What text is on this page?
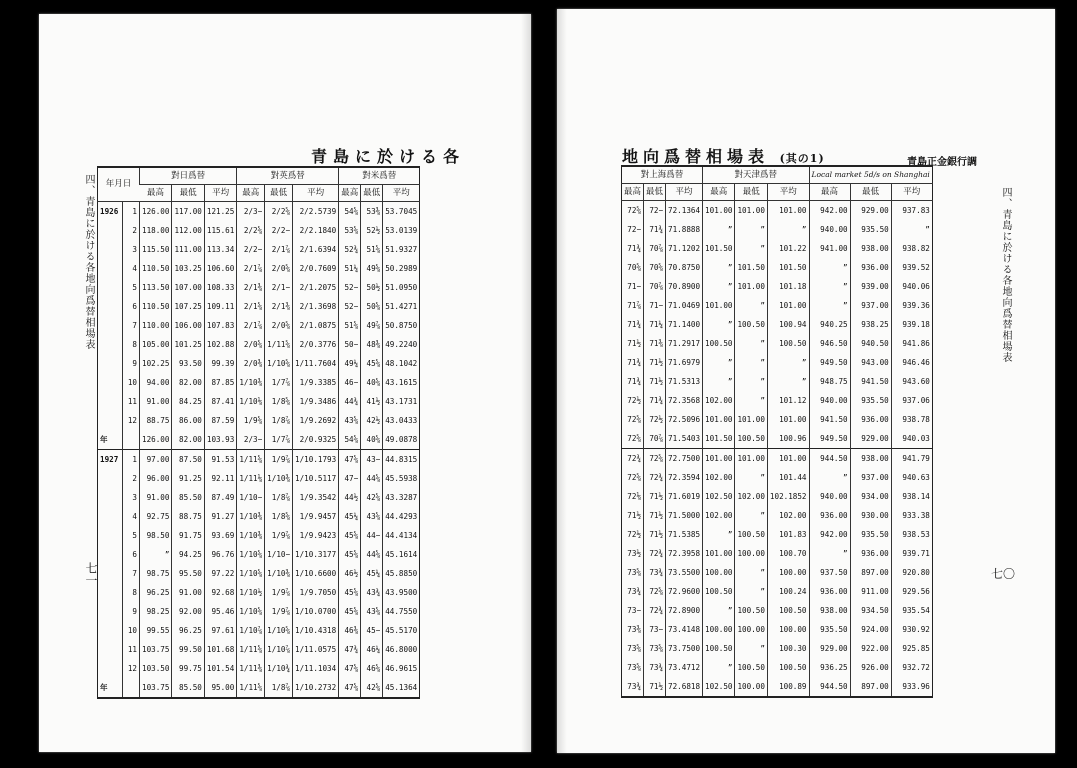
四、青島に於ける各地向爲替相場表
七一
青島に於ける各
年月日		對日爲替			對英爲替			對米爲替		
		最高	最低	平均	最高	最低	平均	最高	最低	平均
1926	1	126.00	117.00	121.25	2/3−	2/2⅝	2/2.5739	54⅝	53⅜	53.7045
	2	118.00	112.00	115.61	2/2⅝	2/2−	2/2.1840	53⅝	52½	53.0139
	3	115.50	111.00	113.34	2/2−	2/1⅞	2/1.6394	52¾	51⅝	51.9327
	4	110.50	103.25	106.60	2/1⅞	2/0⅝	2/0.7609	51¼	49⅝	50.2989
	5	113.50	107.00	108.33	2/1⅜	2/1−	2/1.2075	52−	50½	51.0950
	6	110.50	107.25	109.11	2/1⅝	2/1⅜	2/1.3698	52−	50⅝	51.4271
	7	110.00	106.00	107.83	2/1⅞	2/0⅝	2/1.0875	51⅝	49⅞	50.8750
	8	105.00	101.25	102.88	2/0⅝	1/11⅝	2/0.3776	50−	48⅜	49.2240
	9	102.25	93.50	99.39	2/0⅜	1/10⅝	1/11.7604	49¼	45⅝	48.1042
	10	94.00	82.00	87.85	1/10⅜	1/7⅞	1/9.3385	46−	40⅝	43.1615
	11	91.00	84.25	87.41	1/10⅛	1/8⅝	1/9.3486	44¾	41½	43.1731
	12	88.75	86.00	87.59	1/9⅝	1/8⅞	1/9.2692	43⅝	42½	43.0433
年		126.00	82.00	103.93	2/3−	1/7⅞	2/0.9325	54⅝	40⅝	49.0878
1927	1	97.00	87.50	91.53	1/11⅝	1/9⅞	1/10.1793	47⅝	43−	44.8315
	2	96.00	91.25	92.11	1/11⅛	1/10⅜	1/10.5117	47−	44⅝	45.5938
	3	91.00	85.50	87.49	1/10−	1/8⅞	1/9.3542	44½	42⅝	43.3287
	4	92.75	88.75	91.27	1/10⅜	1/8⅝	1/9.9457	45¼	43⅝	44.4293
	5	98.50	91.75	93.69	1/10⅜	1/9⅞	1/9.9423	45⅝	44−	44.4134
	6	”	94.25	96.76	1/10⅝	1/10−	1/10.3177	45⅝	44⅝	45.1614
	7	98.75	95.50	97.22	1/10⅝	1/10⅜	1/10.6600	46½	45¼	45.8850
	8	96.25	91.00	92.68	1/10½	1/9⅞	1/9.7050	45⅝	43¾	43.9500
	9	98.25	92.00	95.46	1/10⅝	1/9⅞	1/10.0700	45⅝	43⅝	44.7550
	10	99.55	96.25	97.61	1/10⅞	1/10⅝	1/10.4318	46⅜	45−	45.5170
	11	103.75	99.50	101.68	1/11⅝	1/10⅞	1/11.0575	47¾	46¼	46.8000
	12	103.50	99.75	101.54	1/11⅜	1/10¾	1/11.1034	47⅝	46⅝	46.9615
年		103.75	85.50	95.00	1/11⅝	1/8⅞	1/10.2732	47⅝	42⅝	45.1364
四、青島に於ける各地向爲替相場表
七〇
地向爲替相場表 (其の1)	青島正金銀行調
對上海爲替			對天津爲替			Local market 5d/s on Shanghai		
最高	最低	平均	最高	最低	平均	最高	最低	平均
72⅝	72−	72.1364	101.00	101.00	101.00	942.00	929.00	937.83
72−	71¾	71.8888	”	”	”	940.00	935.50	”
71¾	70⅞	71.1202	101.50	”	101.22	941.00	938.00	938.82
70⅝	70⅝	70.8750	”	101.50	101.50	”	936.00	939.52
71−	70⅞	70.8900	”	101.00	101.18	”	939.00	940.06
71⅞	71−	71.0469	101.00	”	101.00	”	937.00	939.36
71¾	71¼	71.1400	”	100.50	100.94	940.25	938.25	939.18
71½	71⅜	71.2917	100.50	”	100.50	946.50	940.50	941.86
71¾	71½	71.6979	”	”	”	949.50	943.00	946.46
71¾	71½	71.5313	”	”	”	948.75	941.50	943.60
72½	71¾	72.3568	102.00	”	101.12	940.00	935.50	937.06
72⅝	72½	72.5096	101.00	101.00	101.00	941.50	936.00	938.78
72⅝	70⅞	71.5403	101.50	100.50	100.96	949.50	929.00	940.03
72¾	72⅝	72.7500	101.00	101.00	101.00	944.50	938.00	941.79
72⅝	72¾	72.3594	102.00	”	101.44	”	937.00	940.63
72⅛	71½	71.6019	102.50	102.00	102.1852	940.00	934.00	938.14
71½	71½	71.5000	102.00	”	102.00	936.00	930.00	933.38
72½	71½	71.5385	”	100.50	101.83	942.00	935.50	938.53
73½	72¾	72.3958	101.00	100.00	100.70	”	936.00	939.71
73⅝	73¾	73.5500	100.00	”	100.00	937.50	897.00	920.80
73¾	72⅝	72.9600	100.50	”	100.24	936.00	911.00	929.56
73−	72¾	72.8900	”	100.50	100.50	938.00	934.50	935.54
73⅜	73−	73.4148	100.00	100.00	100.00	935.50	924.00	930.92
73⅝	73⅝	73.7500	100.50	”	100.30	929.00	922.00	925.85
73⅝	73¾	73.4712	”	100.50	100.50	936.25	926.00	932.72
73¾	71½	72.6818	102.50	100.00	100.89	944.50	897.00	933.96
